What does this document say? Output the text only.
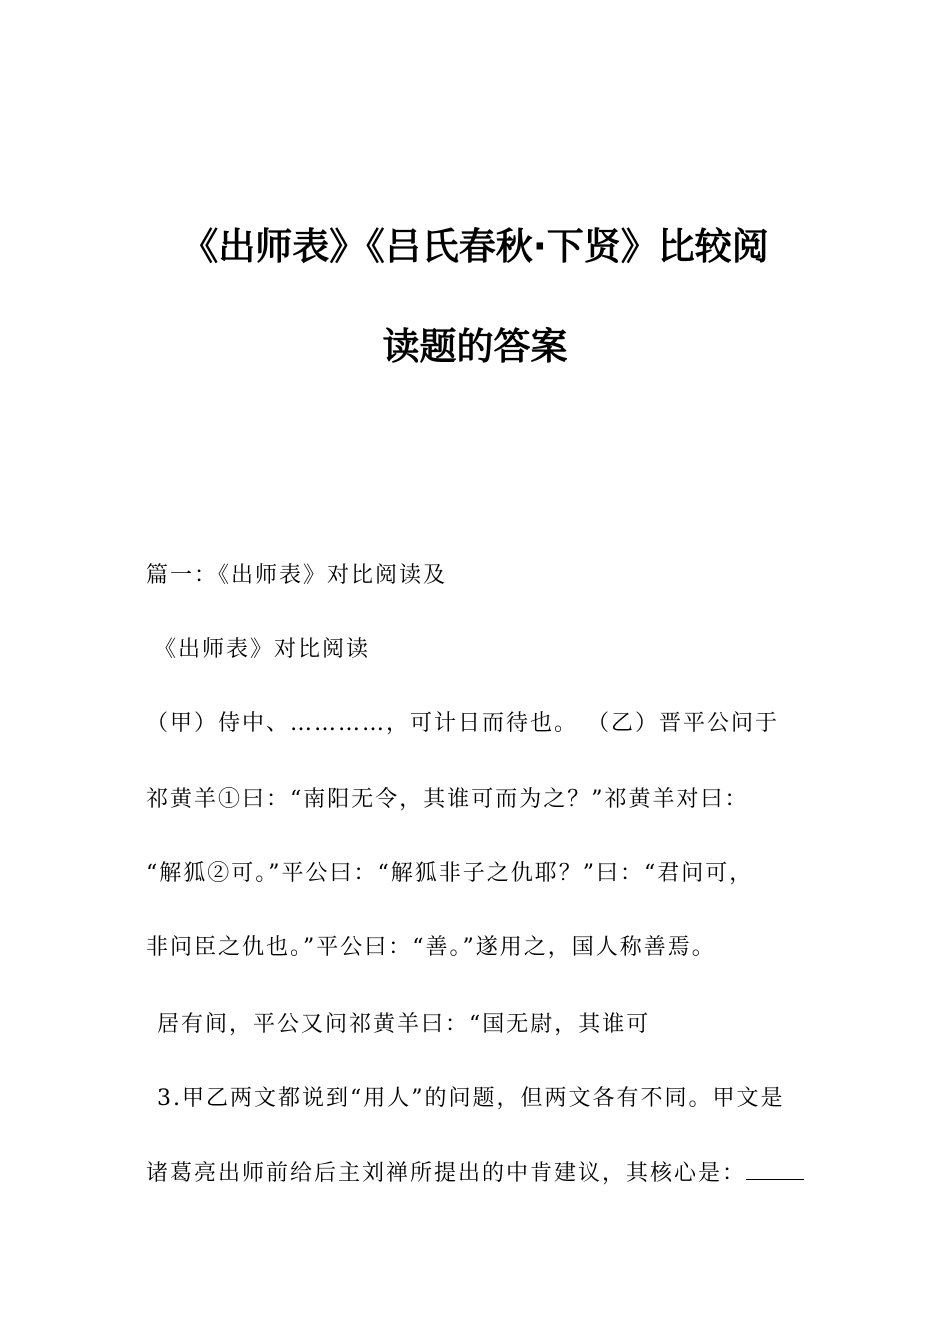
《出师表》《吕氏春秋·下贤》比较阅
读题的答案
篇一：《出师表》对比阅读及
《出师表》对比阅读
（甲）侍中、…………，可计日而待也。 （乙）晋平公问于
祁黄羊①曰：“南阳无令，其谁可而为之？”祁黄羊对曰：
“解狐②可。”平公曰：“解狐非子之仇耶？”曰：“君问可，
非问臣之仇也。”平公曰：“善。”遂用之，国人称善焉。
居有间，平公又问祁黄羊曰：“国无尉，其谁可
3.甲乙两文都说到“用人”的问题，但两文各有不同。甲文是
诸葛亮出师前给后主刘禅所提出的中肯建议，其核心是：
